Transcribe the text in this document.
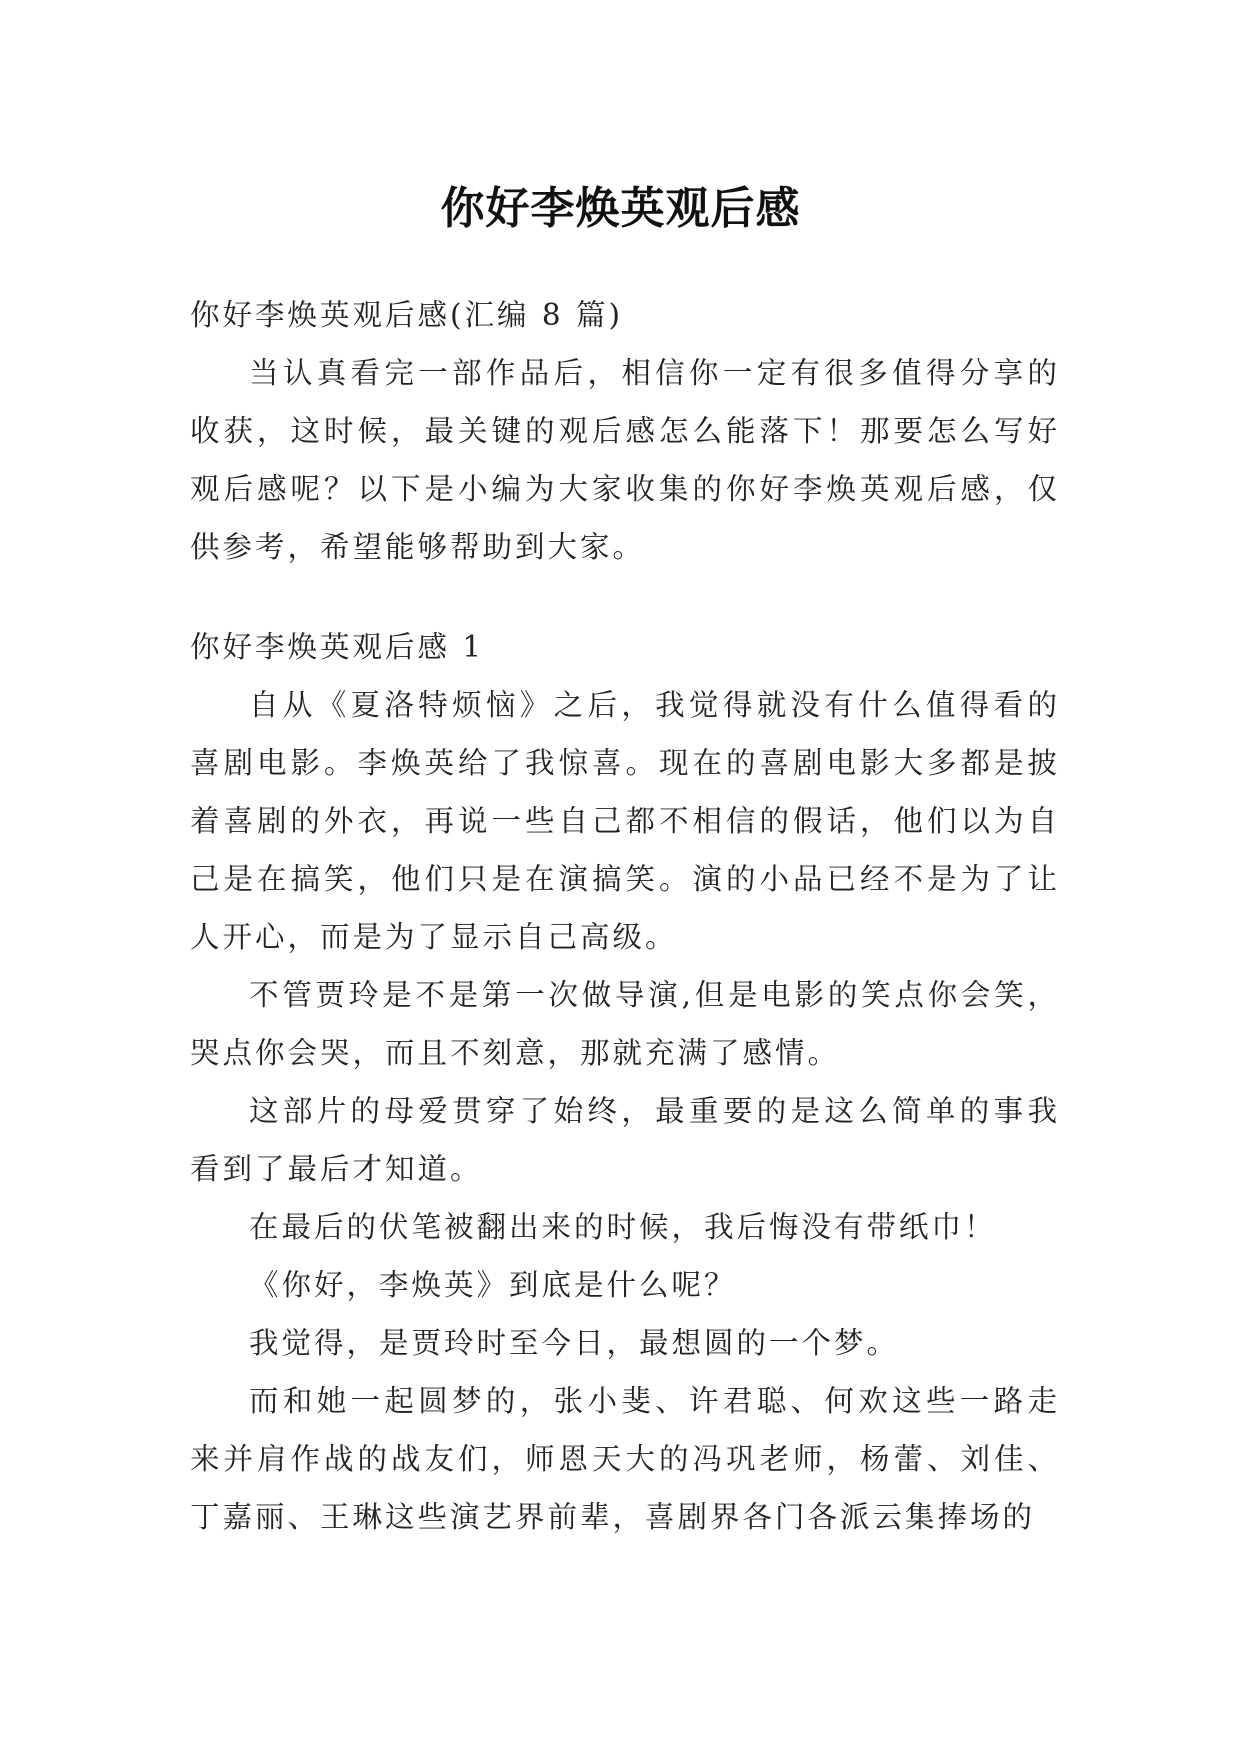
你好李焕英观后感

你好李焕英观后感(汇编 8 篇)

当认真看完一部作品后，相信你一定有很多值得分享的收获，这时候，最关键的观后感怎么能落下！那要怎么写好观后感呢？以下是小编为大家收集的你好李焕英观后感，仅供参考，希望能够帮助到大家。

你好李焕英观后感 1

自从《夏洛特烦恼》之后，我觉得就没有什么值得看的喜剧电影。李焕英给了我惊喜。现在的喜剧电影大多都是披着喜剧的外衣，再说一些自己都不相信的假话，他们以为自己是在搞笑，他们只是在演搞笑。演的小品已经不是为了让人开心，而是为了显示自己高级。

不管贾玲是不是第一次做导演,但是电影的笑点你会笑，哭点你会哭，而且不刻意，那就充满了感情。

这部片的母爱贯穿了始终，最重要的是这么简单的事我看到了最后才知道。

在最后的伏笔被翻出来的时候，我后悔没有带纸巾！

《你好，李焕英》到底是什么呢？

我觉得，是贾玲时至今日，最想圆的一个梦。

而和她一起圆梦的，张小斐、许君聪、何欢这些一路走来并肩作战的战友们，师恩天大的冯巩老师，杨蕾、刘佳、丁嘉丽、王琳这些演艺界前辈，喜剧界各门各派云集捧场的
